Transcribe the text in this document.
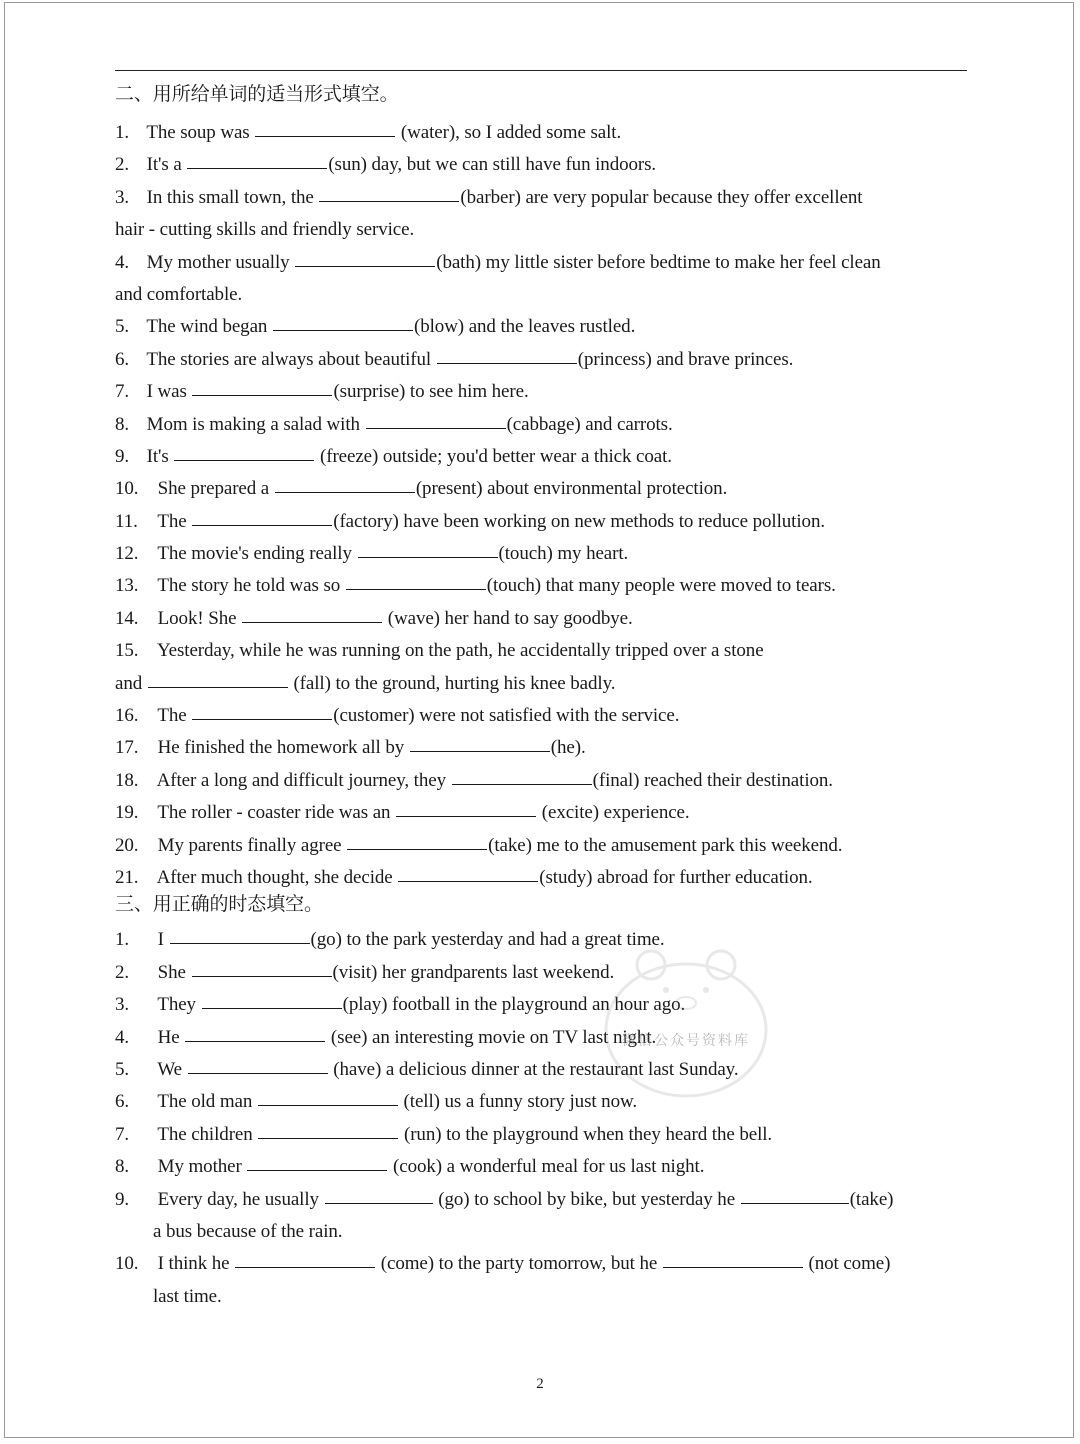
二、用所给单词的适当形式填空。
1. The soup was	(water), so I added some salt.
2. It's a	(sun) day, but we can still have fun indoors.
3. In this small town, the	(barber) are very popular because they offer excellent
hair - cutting skills and friendly service.
4. My mother usually	(bath) my little sister before bedtime to make her feel clean
and comfortable.
5. The wind began	(blow) and the leaves rustled.
6. The stories are always about beautiful	(princess) and brave princes.
7. I was	(surprise) to see him here.
8. Mom is making a salad with	(cabbage) and carrots.
9. It's	(freeze) outside; you'd better wear a thick coat.
10. She prepared a	(present) about environmental protection.
11. The	(factory) have been working on new methods to reduce pollution.
12. The movie's ending really	(touch) my heart.
13. The story he told was so	(touch) that many people were moved to tears.
14. Look! She	(wave) her hand to say goodbye.
15. Yesterday, while he was running on the path, he accidentally tripped over a stone
and	(fall) to the ground, hurting his knee badly.
16. The	(customer) were not satisfied with the service.
17. He finished the homework all by	(he).
18. After a long and difficult journey, they	(final) reached their destination.
19. The roller - coaster ride was an	(excite) experience.
20. My parents finally agree	(take) me to the amusement park this weekend.
21. After much thought, she decide	(study) abroad for further education.
三、用正确的时态填空。
1. I	(go) to the park yesterday and had a great time.
2. She	(visit) her grandparents last weekend.
3. They	(play) football in the playground an hour ago.
4. He	(see) an interesting movie on TV last night.
5. We	(have) a delicious dinner at the restaurant last Sunday.
6. The old man	(tell) us a funny story just now.
7. The children	(run) to the playground when they heard the bell.
8. My mother	(cook) a wonderful meal for us last night.
9. Every day, he usually	(go) to school by bike, but yesterday he	(take)
a bus because of the rain.
10. I think he	(come) to the party tomorrow, but he	(not come)
last time.
微信公众号资料库
2
